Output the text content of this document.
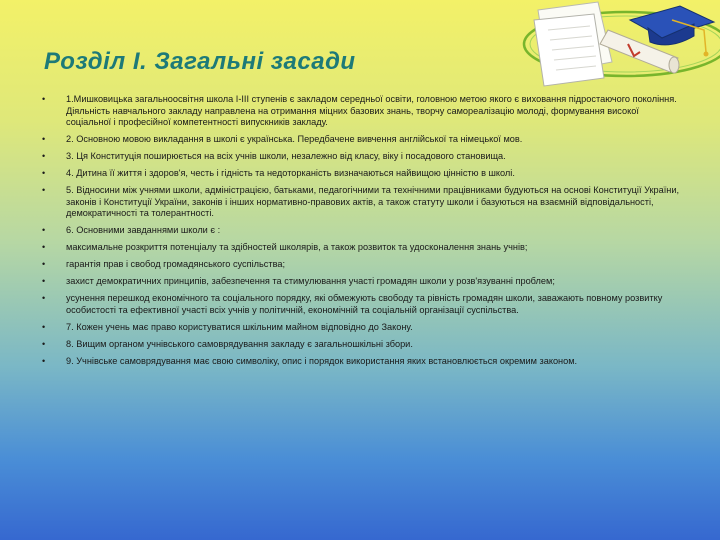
Розділ І. Загальні засади
• 1.Мишковицька загальноосвітня школа І-ІІІ ступенів є закладом середньої освіти, головною метою якого є виховання підростаючого покоління. Діяльність навчального закладу направлена на отримання міцних базових знань, творчу самореалізацію молоді, формування високої соціальної і професійної компетентності випускників закладу.
• 2. Основною мовою викладання в школі є українська. Передбачене вивчення англійської та німецької мов.
• 3. Ця Конституція поширюється на всіх учнів школи, незалежно від класу, віку і посадового становища.
• 4. Дитина її життя і здоров'я, честь і гідність та недоторканість визначаються найвищою цінністю в школі.
• 5. Відносини між учнями школи, адміністрацією, батьками, педагогічними та технічними працівниками будуються на основі Конституції України, законів і Конституції України, законів і інших нормативно-правових актів, а також статуту школи і базуються на взаємній відповідальності, демократичності та толерантності.
• 6. Основними завданнями школи є :
• максимальне розкриття потенціалу та здібностей школярів, а також розвиток та удосконалення знань учнів;
• гарантія прав і свобод громадянського суспільства;
• захист демократичних принципів, забезпечення та стимулювання участі громадян школи у розв'язуванні проблем;
• усунення перешкод економічного та соціального порядку, які обмежують свободу та рівність громадян школи, заважають повному розвитку особистості та ефективної участі всіх учнів у політичній, економічній та соціальній організації суспільства.
• 7. Кожен учень має право користуватися шкільним майном відповідно до Закону.
• 8. Вищим органом учнівського самоврядування закладу є загальношкільні збори.
• 9. Учнівське самоврядування має свою символіку, опис і порядок використання яких встановлюється окремим законом.
